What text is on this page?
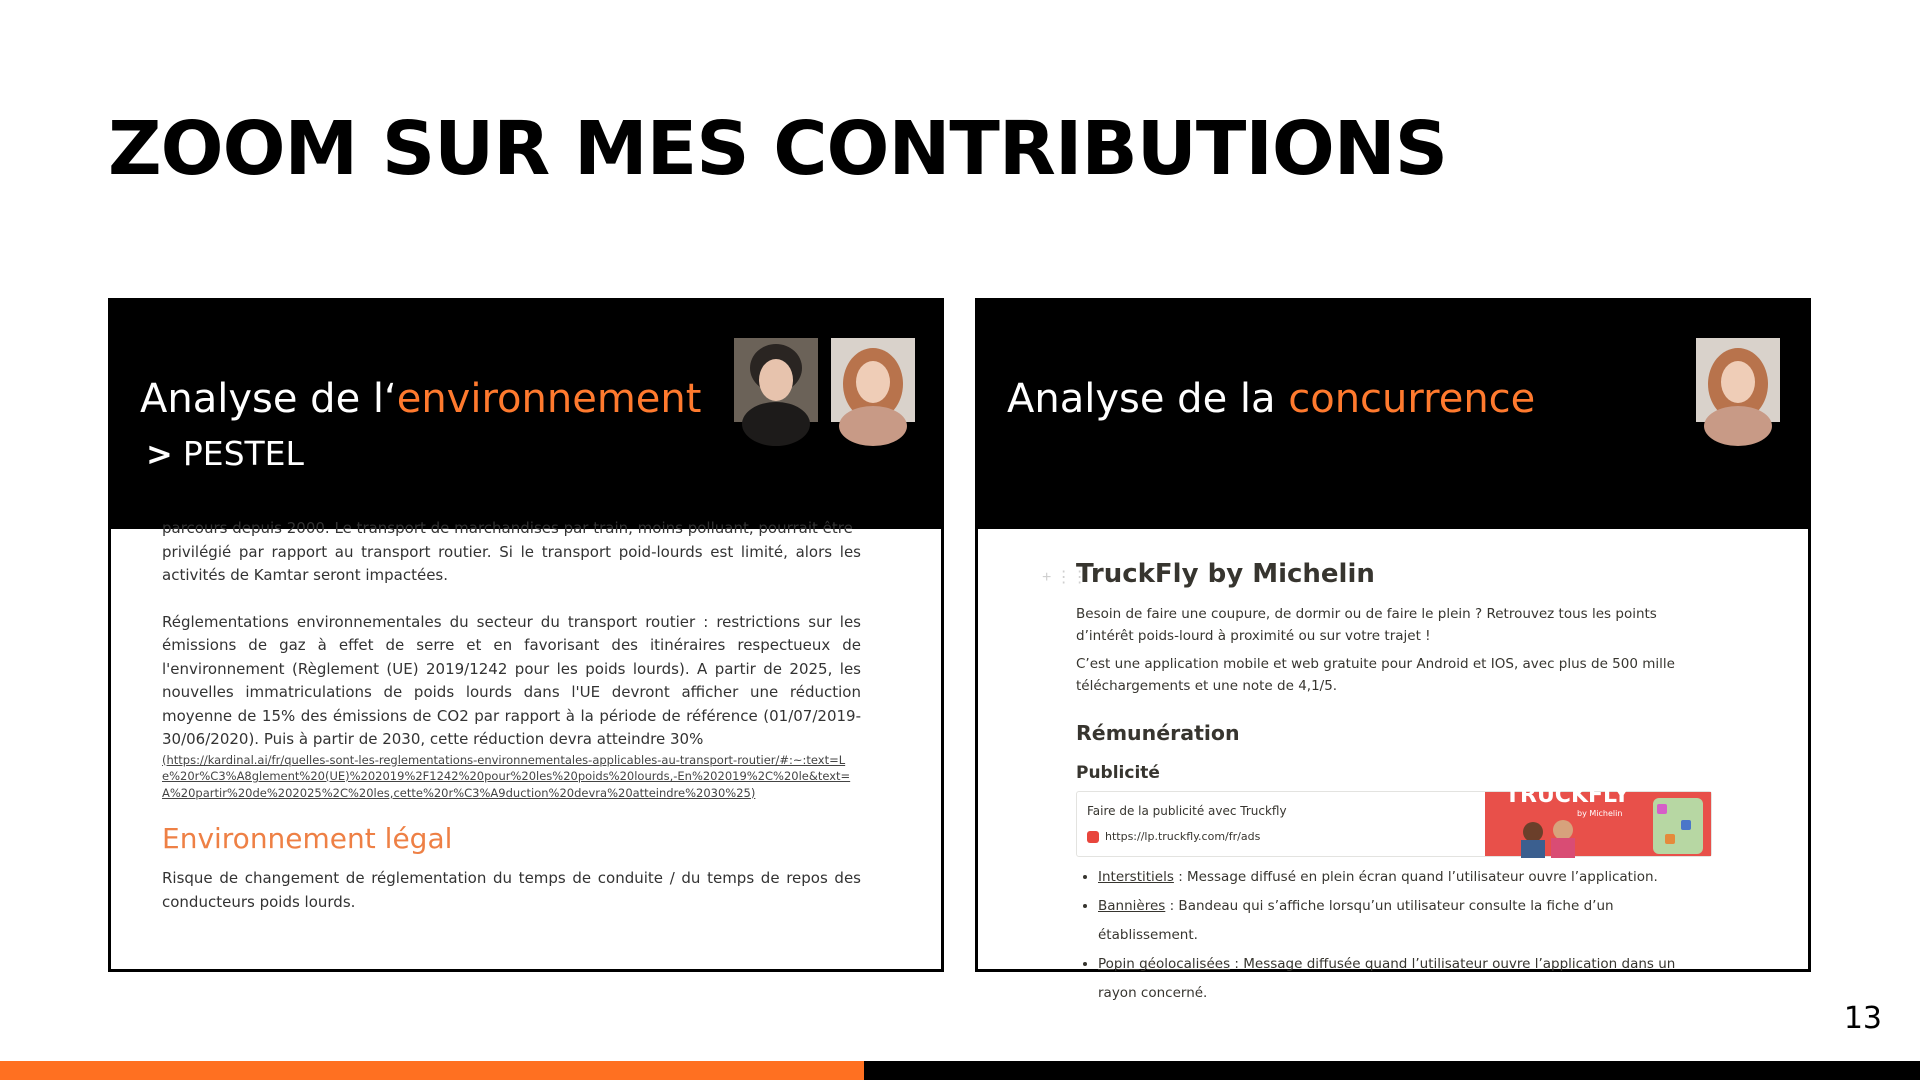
ZOOM SUR MES CONTRIBUTIONS
Analyse de l‘environnement
> PESTEL

parcours depuis 2000. Le transport de marchandises par train, moins polluant, pourrait être

privilégié par rapport au transport routier. Si le transport poid-lourds est limité, alors les activités de Kamtar seront impactées.

Réglementations environnementales du secteur du transport routier : restrictions sur les émissions de gaz à effet de serre et en favorisant des itinéraires respectueux de l'environnement (Règlement (UE) 2019/1242 pour les poids lourds). A partir de 2025, les nouvelles immatriculations de poids lourds dans l'UE devront afficher une réduction moyenne de 15% des émissions de CO2 par rapport à la période de référence (01/07/2019-30/06/2020). Puis à partir de 2030, cette réduction devra atteindre 30%

(https://kardinal.ai/fr/quelles-sont-les-reglementations-environnementales-applicables-au-transport-routier/#:~:text=Le%20r%C3%A8glement%20(UE)%202019%2F1242%20pour%20les%20poids%20lourds,-En%202019%2C%20le&text=A%20partir%20de%202025%2C%20les,cette%20r%C3%A9duction%20devra%20atteindre%2030%25)

Environnement légal

Risque de changement de réglementation du temps de conduite / du temps de repos des conducteurs poids lourds.

Analyse de la concurrence
+ ⋮⋮
TruckFly by Michelin

Besoin de faire une coupure, de dormir ou de faire le plein ? Retrouvez tous les points d’intérêt poids-lourd à proximité ou sur votre trajet !

C’est une application mobile et web gratuite pour Android et IOS, avec plus de 500 mille téléchargements et une note de 4,1/5.

Rémunération
Publicité
Faire de la publicité avec Truckfly
https://lp.truckfly.com/fr/ads
TRUCKFLY
by Michelin
• Interstitiels : Message diffusé en plein écran quand l’utilisateur ouvre l’application.
• Bannières : Bandeau qui s’affiche lorsqu’un utilisateur consulte la fiche d’un établissement.
• Popin géolocalisées : Message diffusée quand l’utilisateur ouvre l’application dans un rayon concerné.
13
